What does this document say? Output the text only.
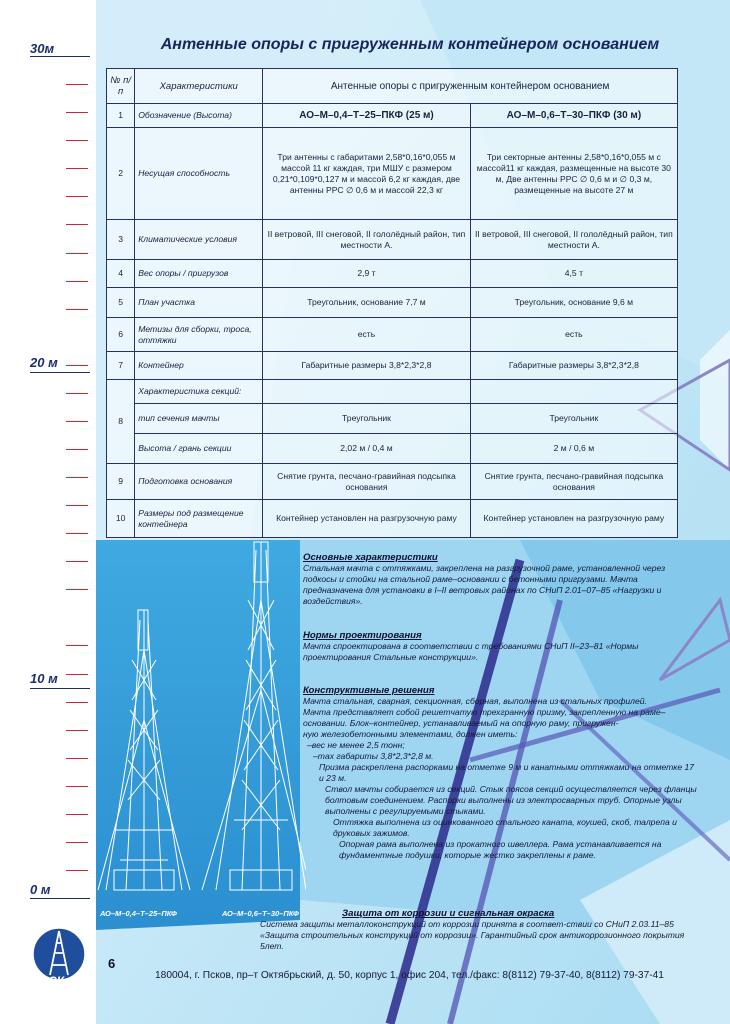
30м
20 м
10 м
0 м
Антенные опоры с пригруженным контейнером основанием
№ п/п	Характеристики	Антенные опоры с пригруженным контейнером основанием	
1	Обозначение (Высота)	АО–М–0,4–Т–25–ПКФ (25 м)	АО–М–0,6–Т–30–ПКФ (30 м)
2	Несущая способность	Три антенны с габаритами 2,58*0,16*0,055 м массой 11 кг каждая, три МШУ с размером 0,21*0,109*0,127 м и массой 6,2 кг каждая, две антенны РРС ∅ 0,6 м и массой 22,3 кг	Три секторные антенны 2,58*0,16*0,055 м с массой11 кг каждая, размещенные на высоте 30 м, Две антенны РРС ∅ 0,6 м и ∅ 0,3 м, размещенные на высоте 27 м
3	Климатические условия	II ветровой, III снеговой, II гололёдный район, тип местности А.	II ветровой, III снеговой, II гололёдный район, тип местности А.
4	Вес опоры / пригрузов	2,9 т	4,5 т
5	План участка	Треугольник, основание 7,7 м	Треугольник, основание 9,6 м
6	Метизы для сборки, троса, оттяжки	есть	есть
7	Контейнер	Габаритные размеры 3,8*2,3*2,8	Габаритные размеры 3,8*2,3*2,8
8	Характеристика секций:		
	тип сечения мачты	Треугольник	Треугольник
	Высота / грань секции	2,02 м / 0,4 м	2 м / 0,6 м
9	Подготовка основания	Снятие грунта, песчано-гравийная подсыпка основания	Снятие грунта, песчано-гравийная подсыпка основания
10	Размеры под размещение контейнера	Контейнер установлен на разгрузочную раму	Контейнер установлен на разгрузочную раму
АО–М–0,4–Т–25–ПКФ	АО–М–0,6–Т–30–ПКФ
Основные характеристики

Стальная мачта с оттяжками, закреплена на разгрузочной раме, установленной через подкосы и стойки на стальной раме–основании с бетонными пригрузами. Мачта предназначена для установки в I–II ветровых районах по СНиП 2.01–07–85 «Нагрузки и воздействия».

Нормы проектирования

Мачта спроектирована в соответствии с требованиями СНиП II–23–81 «Нормы проектирования Стальные конструкции».

Конструктивные решения

Мачта стальная, сварная, секционная, сборная, выполнена из стальных профилей.

Мачта представляет собой решетчатую трехгранную призму, закрепленную на раме–основании. Блок–контейнер, устанавливаемый на опорную раму, пригружен-

ную железобетонными элементами, должен иметь:

–вес не менее 2,5 тонн;

–max габариты 3,8*2,3*2,8 м.

Призма раскреплена распорками на отметке 9 м и канатными оттяжками на отметке 17 и 23 м.

Ствол мачты собирается из секций. Стык поясов секций осуществляется через фланцы болтовым соединением. Распорки выполнены из электросварных труб. Опорные узлы выполнены с регулируемыми стыками.

Оттяжка выполнена из оцинкованного стального каната, коушей, скоб, талрепа и друковых зажимов.

Опорная рама выполнена из прокатного швеллера. Рама устанавливается на фундаментные подушки, которые жестко закреплены к раме.

Защита от коррозии и сигнальная окраска

Система защиты металлоконструкций от коррозии принята в соответ-ствии со СНиП 2.03.11–85 «Защита строительных конструкций от коррозии». Гарантийный срок антикоррозионного покрытия 5лет.

МСК
6
180004, г. Псков, пр–т Октябрьский, д. 50, корпус 1, офис 204, тел./факс: 8(8112) 79-37-40, 8(8112) 79-37-41
